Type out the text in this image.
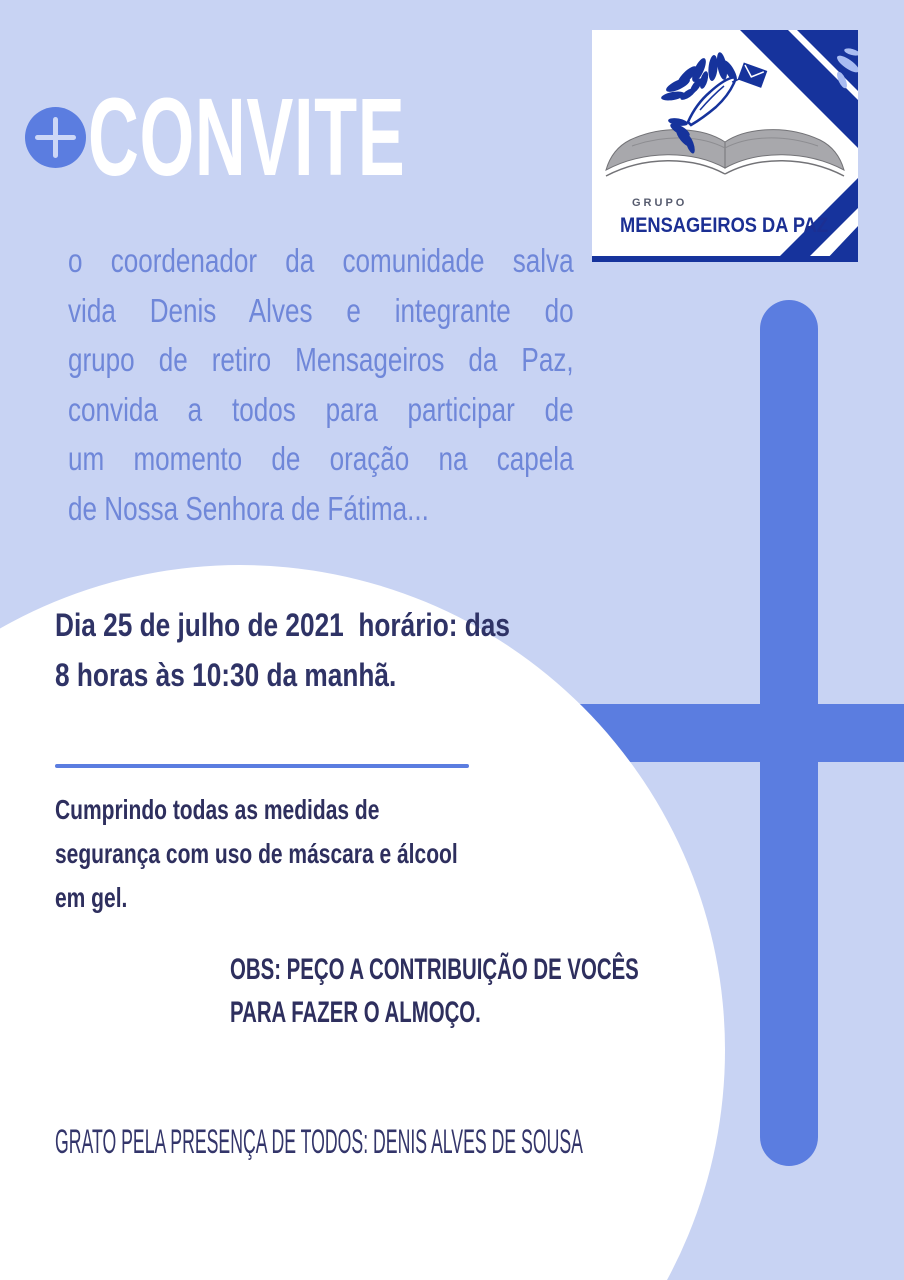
CONVITE
GRUPO
MENSAGEIROS DA PAZ
o coordenador da comunidade salva
vida Denis Alves e integrante do
grupo de retiro Mensageiros da Paz,
convida a todos para participar de
um momento de oração na capela
de Nossa Senhora de Fátima...
Dia 25 de julho de 2021  horário: das
8 horas às 10:30 da manhã.
Cumprindo todas as medidas de
segurança com uso de máscara e álcool
em gel.
OBS: PEÇO A CONTRIBUIÇÃO DE VOCÊS
PARA FAZER O ALMOÇO.
GRATO PELA PRESENÇA DE TODOS: DENIS ALVES DE SOUSA
